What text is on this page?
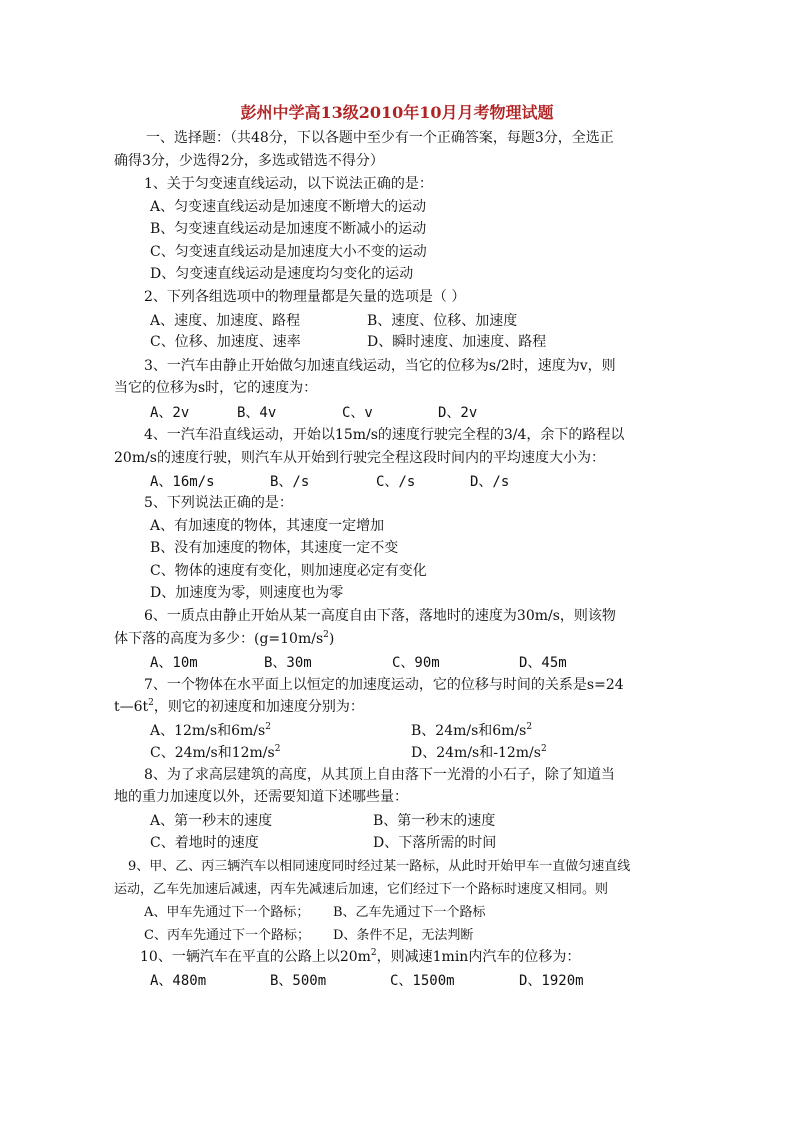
彭州中学高13级2010年10月月考物理试题
一、选择题：（共48分，下以各题中至少有一个正确答案，每题3分，全选正
确得3分，少选得2分，多选或错选不得分）
1、关于匀变速直线运动，以下说法正确的是：
A、匀变速直线运动是加速度不断增大的运动
B、匀变速直线运动是加速度不断减小的运动
C、匀变速直线运动是加速度大小不变的运动
D、匀变速直线运动是速度均匀变化的运动
2、下列各组选项中的物理量都是矢量的选项是（ ）
A、速度、加速度、路程	B、速度、位移、加速度
C、位移、加速度、速率	D、瞬时速度、加速度、路程
3、一汽车由静止开始做匀加速直线运动，当它的位移为s/2时，速度为v，则
当它的位移为s时，它的速度为：
A、2v	B、4v	C、v	D、2v
4、一汽车沿直线运动，开始以15m/s的速度行驶完全程的3/4，余下的路程以
20m/s的速度行驶，则汽车从开始到行驶完全程这段时间内的平均速度大小为：
A、16m/s	B、/s	C、/s	D、/s
5、下列说法正确的是：
A、有加速度的物体，其速度一定增加
B、没有加速度的物体，其速度一定不变
C、物体的速度有变化，则加速度必定有变化
D、加速度为零，则速度也为零
6、一质点由静止开始从某一高度自由下落，落地时的速度为30m/s，则该物
体下落的高度为多少：$(g=10m/s^2)$
A、10m	B、30m	C、90m	D、45m
7、一个物体在水平面上以恒定的加速度运动，它的位移与时间的关系是s=24
$t—6t^2$，则它的初速度和加速度分别为：
A、12m/s和$6m/s^2$	B、24m/s和$6m/s^2$
C、24m/s和$12m/s^2$	D、24m/s和$-12m/s^2$
8、为了求高层建筑的高度，从其顶上自由落下一光滑的小石子，除了知道当
地的重力加速度以外，还需要知道下述哪些量：
A、第一秒末的速度	B、第一秒末的速度
C、着地时的速度	D、下落所需的时间
9、甲、乙、丙三辆汽车以相同速度同时经过某一路标，从此时开始甲车一直做匀速直线
运动，乙车先加速后减速，丙车先减速后加速，它们经过下一个路标时速度又相同。则
A、甲车先通过下一个路标； B、乙车先通过下一个路标
C、丙车先通过下一个路标； D、条件不足，无法判断
10、一辆汽车在平直的公路上以$20m^2$，则减速1min内汽车的位移为：
A、480m	B、500m	C、1500m	D、1920m
